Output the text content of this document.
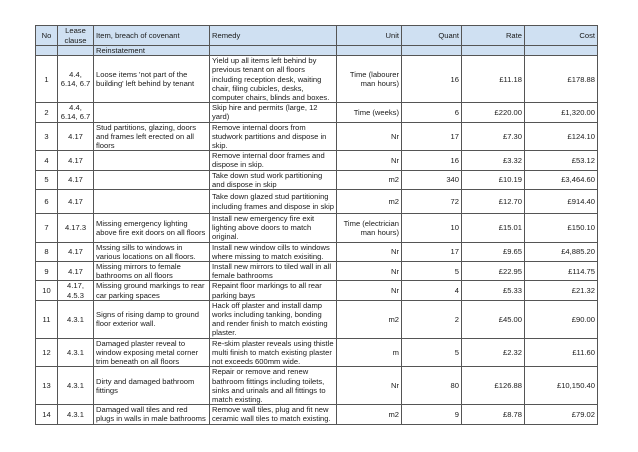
No	Lease clause	Item, breach of covenant	Remedy	Unit	Quant	Rate	Cost
		Reinstatement					
1	4.4, 6.14, 6.7	Loose items 'not part of the building' left behind by tenant	Yield up all items left behind by previous tenant on all floors including reception desk, waiting chair, filing cubicles, desks, computer chairs, blinds and boxes.	Time (labourer man hours)	16	£11.18	£178.88
2	4.4, 6.14, 6.7		Skip hire and permits (large, 12 yard)	Time (weeks)	6	£220.00	£1,320.00
3	4.17	Stud partitions, glazing, doors and frames left erected on all floors	Remove internal doors from studwork partitions and dispose in skip.	Nr	17	£7.30	£124.10
4	4.17		Remove internal door frames and dispose in skip.	Nr	16	£3.32	£53.12
5	4.17		Take down stud work partitioning and dispose in skip	m2	340	£10.19	£3,464.60
6	4.17		Take down glazed stud partitioning including frames and dispose in skip	m2	72	£12.70	£914.40
7	4.17.3	Missing emergency lighting above fire exit doors on all floors	Install new emergency fire exit lighting above doors to match original.	Time (electrician man hours)	10	£15.01	£150.10
8	4.17	Mssing sills to windows in various locations on all floors.	Install new window cills to windows where missing to match exisiting.	Nr	17	£9.65	£4,885.20
9	4.17	Missing mirrors to female bathrooms on all floors	Install new mirrors to tiled wall in all female bathrooms	Nr	5	£22.95	£114.75
10	4.17, 4.5.3	Missing ground markings to rear car parking spaces	Repaint floor markings to all rear parking bays	Nr	4	£5.33	£21.32
11	4.3.1	Signs of rising damp to ground floor exterior wall.	Hack off plaster and install damp works including tanking, bonding and render finish to match existing plaster.	m2	2	£45.00	£90.00
12	4.3.1	Damaged plaster reveal to window exposing metal corner trim beneath on all floors	Re-skim plaster reveals using thistle multi finish to match existing plaster not exceeds 600mm wide.	m	5	£2.32	£11.60
13	4.3.1	Dirty and damaged bathroom fittings	Repair or remove and renew bathroom fittings including toilets, sinks and urinals and all fittings to match existing.	Nr	80	£126.88	£10,150.40
14	4.3.1	Damaged wall tiles and red plugs in walls in male bathrooms	Remove wall tiles, plug and fit new ceramic wall tiles to match existing.	m2	9	£8.78	£79.02
